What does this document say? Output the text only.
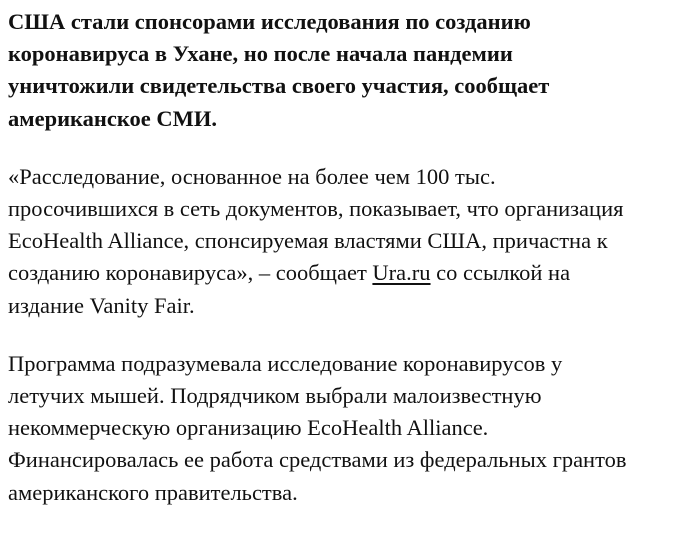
США стали спонсорами исследования по созданию
коронавируса в Ухане, но после начала пандемии
уничтожили свидетельства своего участия, сообщает
американское СМИ.

«Расследование, основанное на более чем 100 тыс.
просочившихся в сеть документов, показывает, что организация
EcoHealth Alliance, спонсируемая властями США, причастна к
созданию коронавируса», – сообщает Ura.ru со ссылкой на
издание Vanity Fair.

Программа подразумевала исследование коронавирусов у
летучих мышей. Подрядчиком выбрали малоизвестную
некоммерческую организацию EcoHealth Alliance.
Финансировалась ее работа средствами из федеральных грантов
американского правительства.
